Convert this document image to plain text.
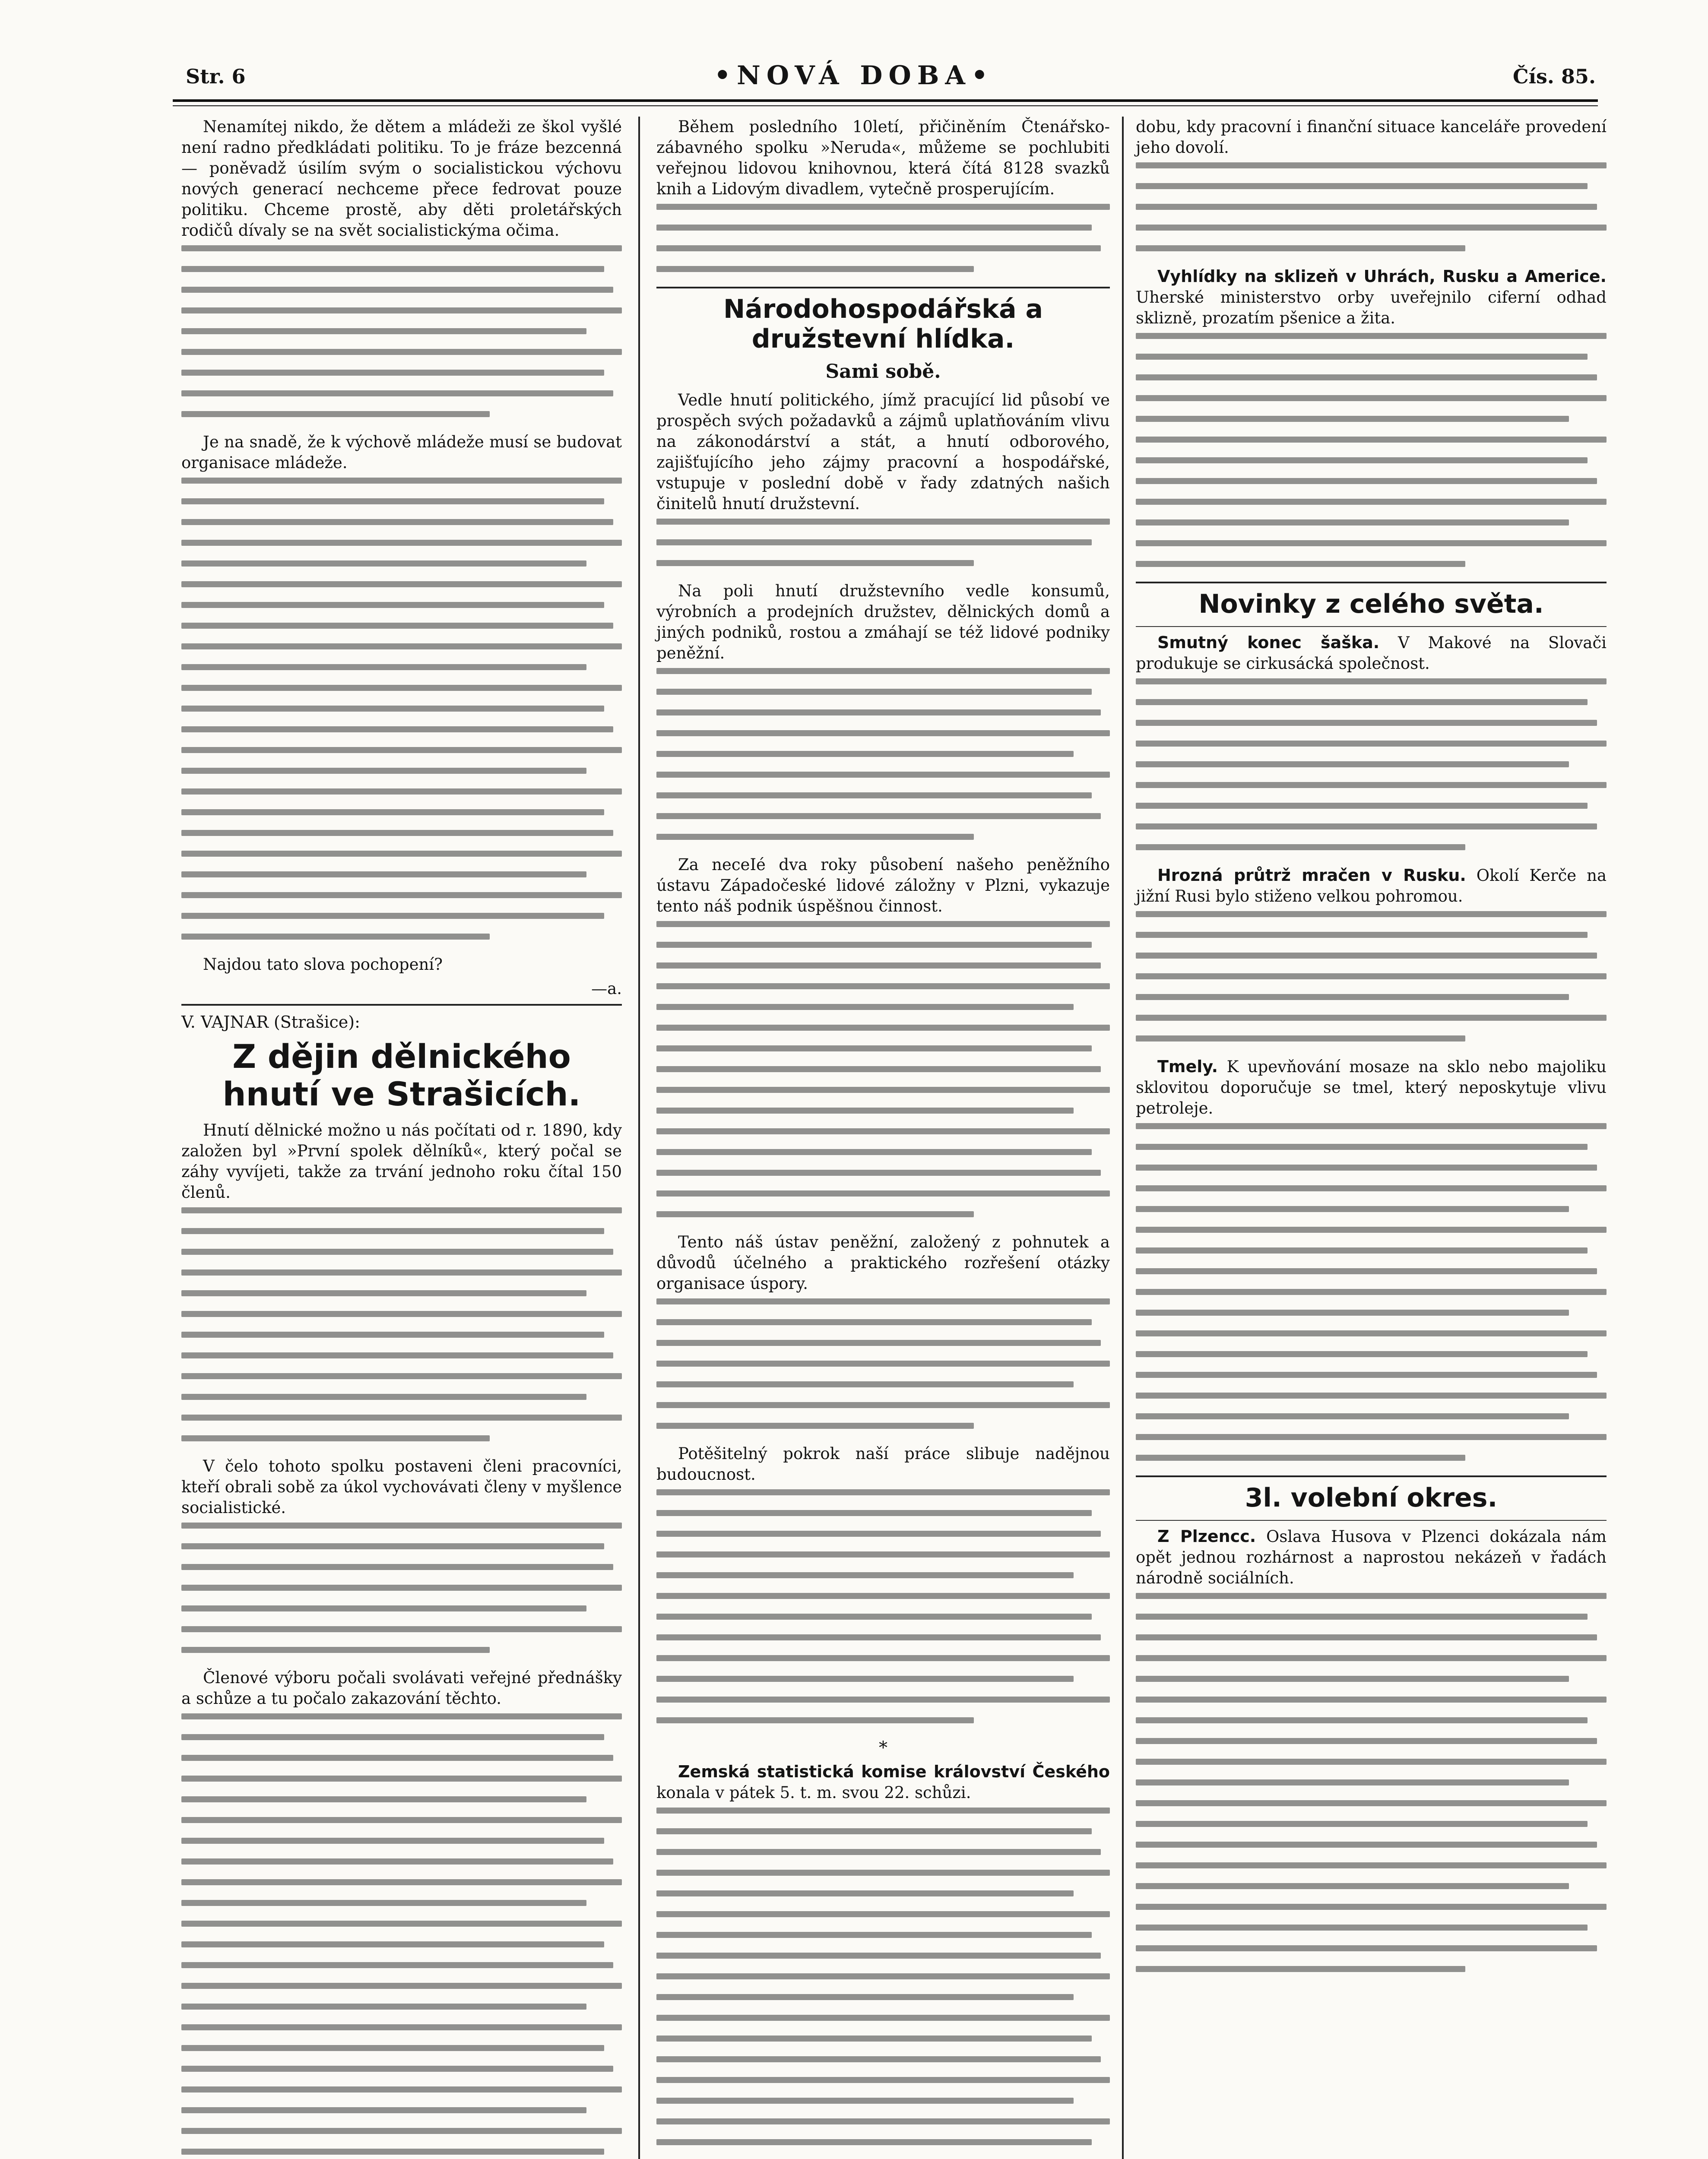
Str. 6	•NOVÁ DOBA•	Čís. 85.

Nenamítej nikdo, že dětem a mládeži ze škol vyšlé není radno předkládati politiku. To je fráze bezcenná — poněvadž úsilím svým o socialistickou výchovu nových generací nechceme přece fedrovat pouze politiku. Chceme prostě, aby děti proletářských rodičů dívaly se na svět socialistickýma očima.

Je na snadě, že k výchově mládeže musí se budovat organisace mládeže.

Najdou tato slova pochopení?

—a.

V. VAJNAR (Strašice):

Z dějin dělnického hnutí ve Strašicích.

Hnutí dělnické možno u nás počítati od r. 1890, kdy založen byl »První spolek dělníků«, který počal se záhy vyvíjeti, takže za trvání jednoho roku čítal 150 členů.

V čelo tohoto spolku postaveni členi pracovníci, kteří obrali sobě za úkol vychovávati členy v myšlence socialistické.

Členové výboru počali svolávati veřejné přednášky a schůze a tu počalo zakazování těchto.

Během posledního 10letí, přičiněním Čtenářsko-zábavného spolku »Neruda«, můžeme se pochlubiti veřejnou lidovou knihovnou, která čítá 8128 svazků knih a Lidovým divadlem, vytečně prosperujícím.

Národohospodářská a družstevní hlídka.
Sami sobě.

Vedle hnutí politického, jímž pracující lid působí ve prospěch svých požadavků a zájmů uplatňováním vlivu na zákonodárství a stát, a hnutí odborového, zajišťujícího jeho zájmy pracovní a hospodářské, vstupuje v poslední době v řady zdatných našich činitelů hnutí družstevní.

Na poli hnutí družstevního vedle konsumů, výrobních a prodejních družstev, dělnických domů a jiných podniků, rostou a zmáhají se též lidové podniky peněžní.

Za neceIé dva roky působení našeho peněžního ústavu Západočeské lidové záložny v Plzni, vykazuje tento náš podnik úspěšnou činnost.

Tento náš ústav peněžní, založený z pohnutek a důvodů účelného a praktického rozřešení otázky organisace úspory.

Potěšitelný pokrok naší práce slibuje nadějnou budoucnost.

*

Zemská statistická komise království Českého konala v pátek 5. t. m. svou 22. schůzi.

dobu, kdy pracovní i finanční situace kanceláře provedení jeho dovolí.

Vyhlídky na sklizeň v Uhrách, Rusku a Americe. Uherské ministerstvo orby uveřejnilo ciferní odhad sklizně, prozatím pšenice a žita.

Novinky z celého světa.

Smutný konec šaška. V Makové na Slovači produkuje se cirkusácká společnost.

Hrozná průtrž mračen v Rusku. Okolí Kerče na jižní Rusi bylo stiženo velkou pohromou.

Tmely. K upevňování mosaze na sklo nebo majoliku sklovitou doporučuje se tmel, který neposkytuje vlivu petroleje.

3l. volební okres.

Z Plzencc. Oslava Husova v Plzenci dokázala nám opět jednou rozhárnost a naprostou nekázeň v řadách národně sociálních.
